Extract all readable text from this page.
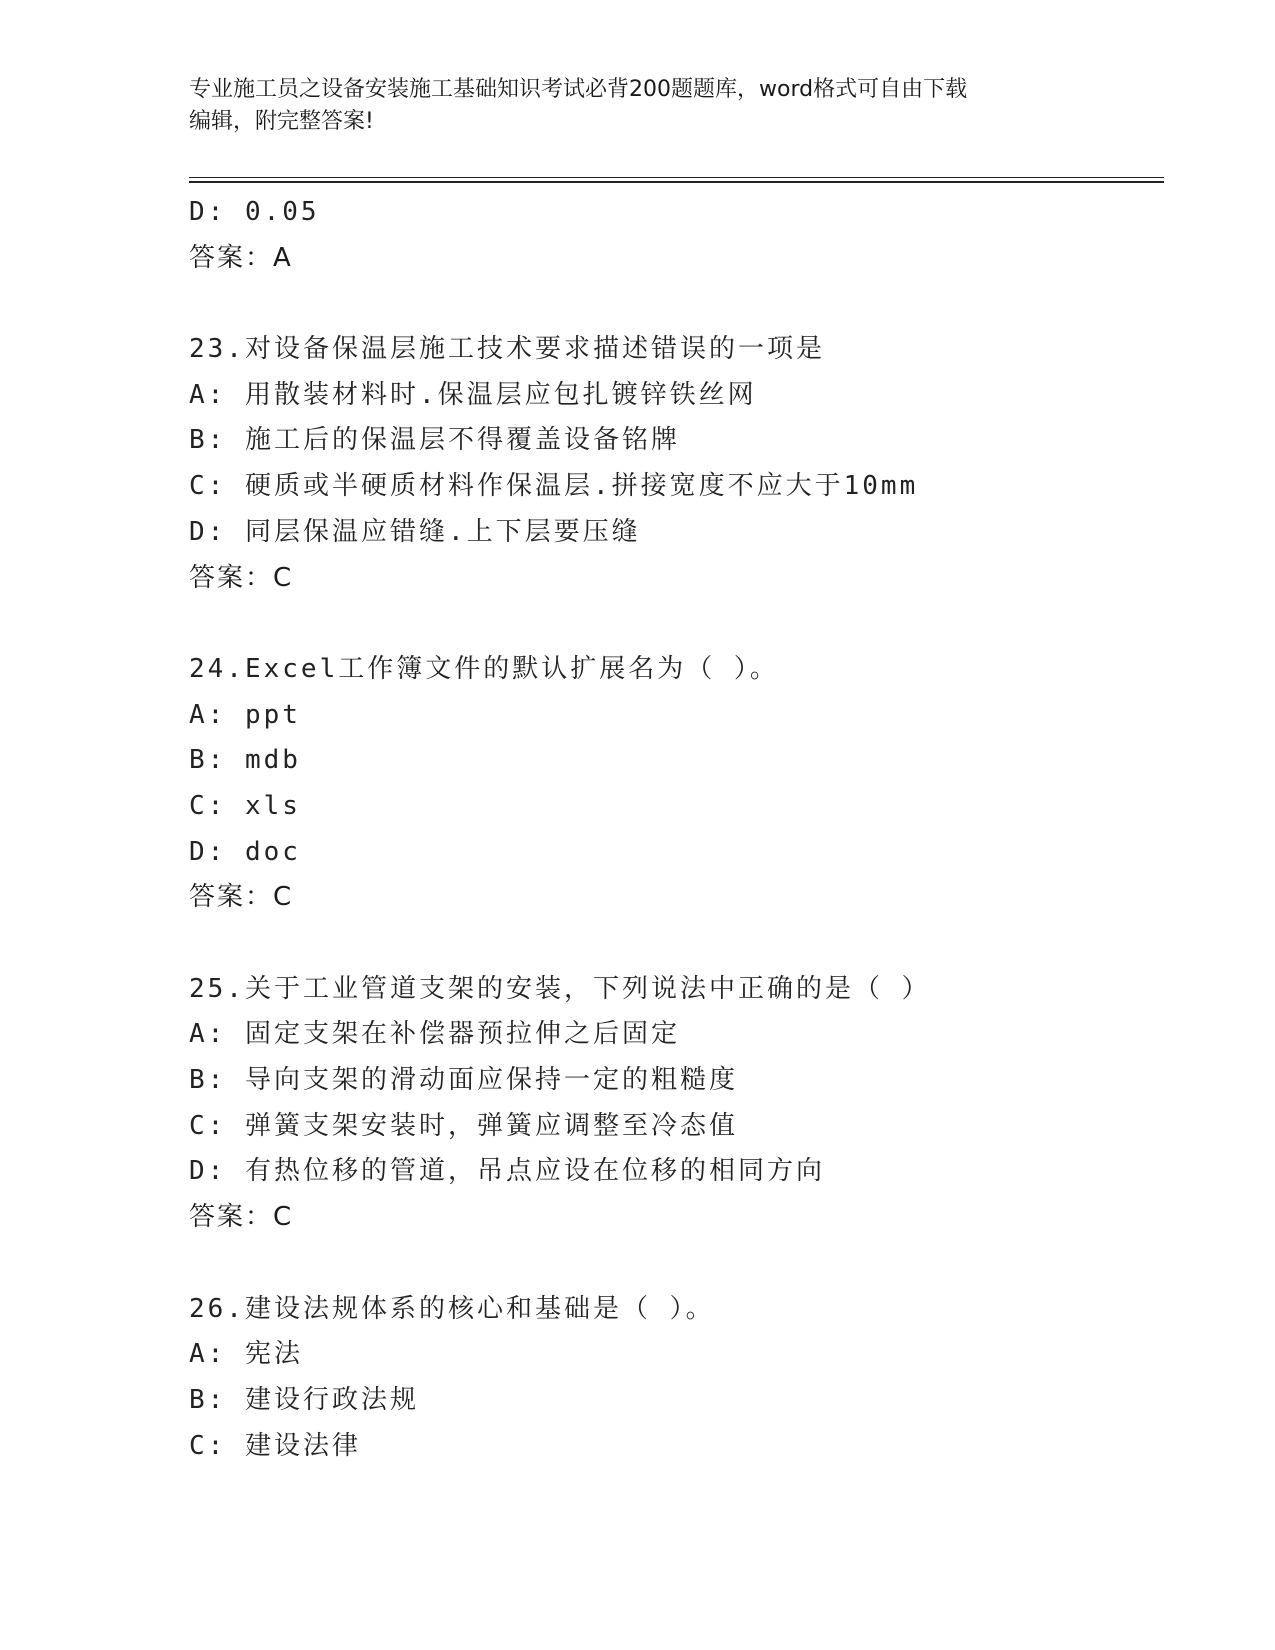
专业施工员之设备安装施工基础知识考试必背200题题库，word格式可自由下载
编辑，附完整答案!
D: 0.05
答案：A
23.对设备保温层施工技术要求描述错误的一项是
A: 用散装材料时.保温层应包扎镀锌铁丝网
B: 施工后的保温层不得覆盖设备铭牌
C: 硬质或半硬质材料作保温层.拼接宽度不应大于10mm
D: 同层保温应错缝.上下层要压缝
答案：C
24.Excel工作簿文件的默认扩展名为（ ）。
A: ppt
B: mdb
C: xls
D: doc
答案：C
25.关于工业管道支架的安装，下列说法中正确的是（ ）
A: 固定支架在补偿器预拉伸之后固定
B: 导向支架的滑动面应保持一定的粗糙度
C: 弹簧支架安装时，弹簧应调整至冷态值
D: 有热位移的管道，吊点应设在位移的相同方向
答案：C
26.建设法规体系的核心和基础是（ ）。
A: 宪法
B: 建设行政法规
C: 建设法律
